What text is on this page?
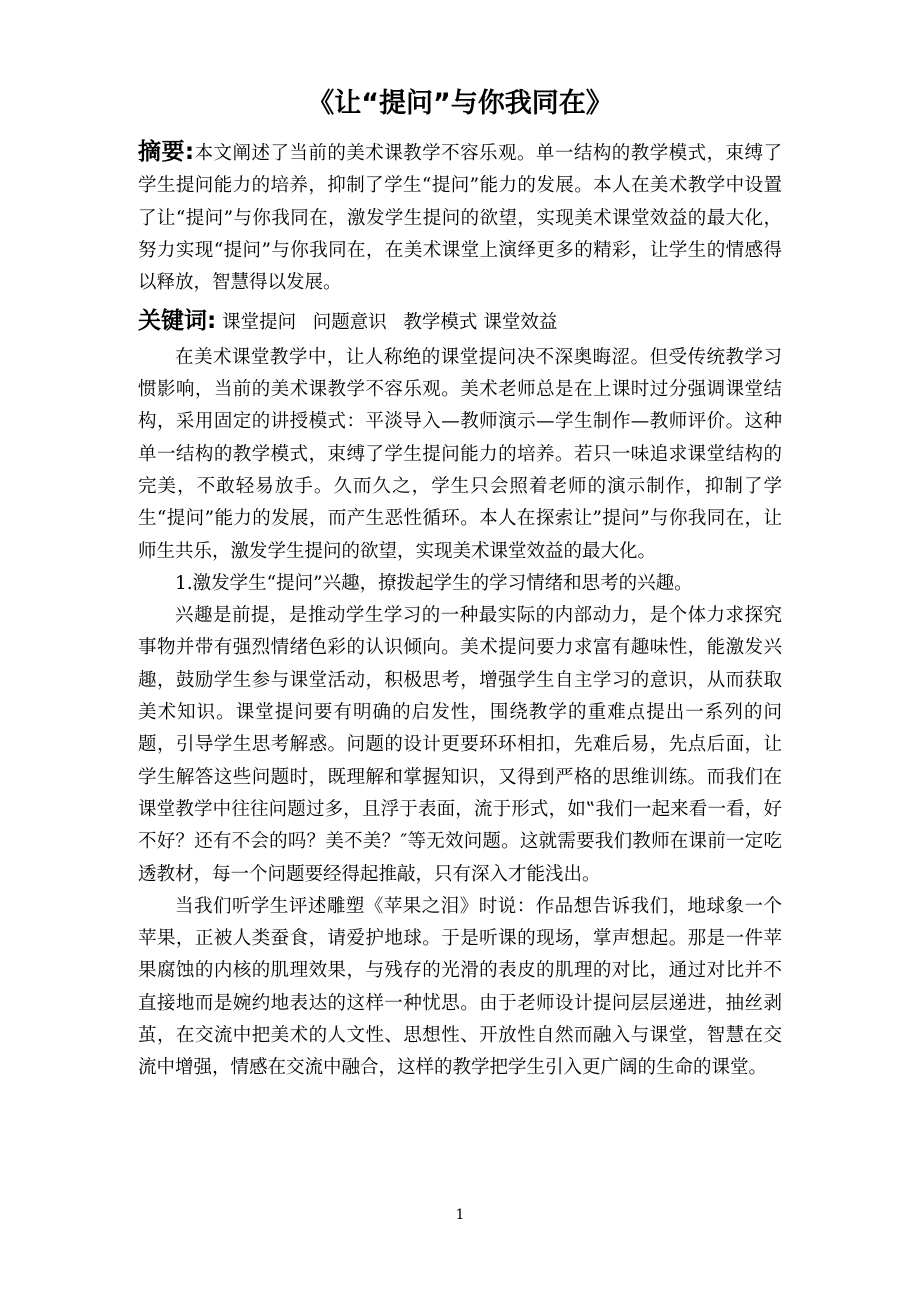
《让“提问”与你我同在》

摘要:本文阐述了当前的美术课教学不容乐观。单一结构的教学模式，束缚了学生提问能力的培养，抑制了学生“提问”能力的发展。本人在美术教学中设置了让“提问”与你我同在，激发学生提问的欲望，实现美术课堂效益的最大化，努力实现“提问”与你我同在，在美术课堂上演绎更多的精彩，让学生的情感得以释放，智慧得以发展。

关键词: 课堂提问 问题意识 教学模式 课堂效益

在美术课堂教学中，让人称绝的课堂提问决不深奥晦涩。但受传统教学习惯影响，当前的美术课教学不容乐观。美术老师总是在上课时过分强调课堂结构，采用固定的讲授模式：平淡导入—教师演示—学生制作—教师评价。这种单一结构的教学模式，束缚了学生提问能力的培养。若只一味追求课堂结构的完美，不敢轻易放手。久而久之，学生只会照着老师的演示制作，抑制了学生“提问”能力的发展，而产生恶性循环。本人在探索让”提问”与你我同在，让师生共乐，激发学生提问的欲望，实现美术课堂效益的最大化。

1.激发学生“提问”兴趣，撩拨起学生的学习情绪和思考的兴趣。

兴趣是前提，是推动学生学习的一种最实际的内部动力，是个体力求探究事物并带有强烈情绪色彩的认识倾向。美术提问要力求富有趣味性，能激发兴趣，鼓励学生参与课堂活动，积极思考，增强学生自主学习的意识，从而获取美术知识。课堂提问要有明确的启发性，围绕教学的重难点提出一系列的问题，引导学生思考解惑。问题的设计更要环环相扣，先难后易，先点后面，让学生解答这些问题时，既理解和掌握知识，又得到严格的思维训练。而我们在课堂教学中往往问题过多，且浮于表面，流于形式，如‟我们一起来看一看，好不好？还有不会的吗？美不美？″等无效问题。这就需要我们教师在课前一定吃透教材，每一个问题要经得起推敲，只有深入才能浅出。

当我们听学生评述雕塑《苹果之泪》时说：作品想告诉我们，地球象一个苹果，正被人类蚕食，请爱护地球。于是听课的现场，掌声想起。那是一件苹果腐蚀的内核的肌理效果，与残存的光滑的表皮的肌理的对比，通过对比并不直接地而是婉约地表达的这样一种忧思。由于老师设计提问层层递进，抽丝剥茧，在交流中把美术的人文性、思想性、开放性自然而融入与课堂，智慧在交流中增强，情感在交流中融合，这样的教学把学生引入更广阔的生命的课堂。

1
